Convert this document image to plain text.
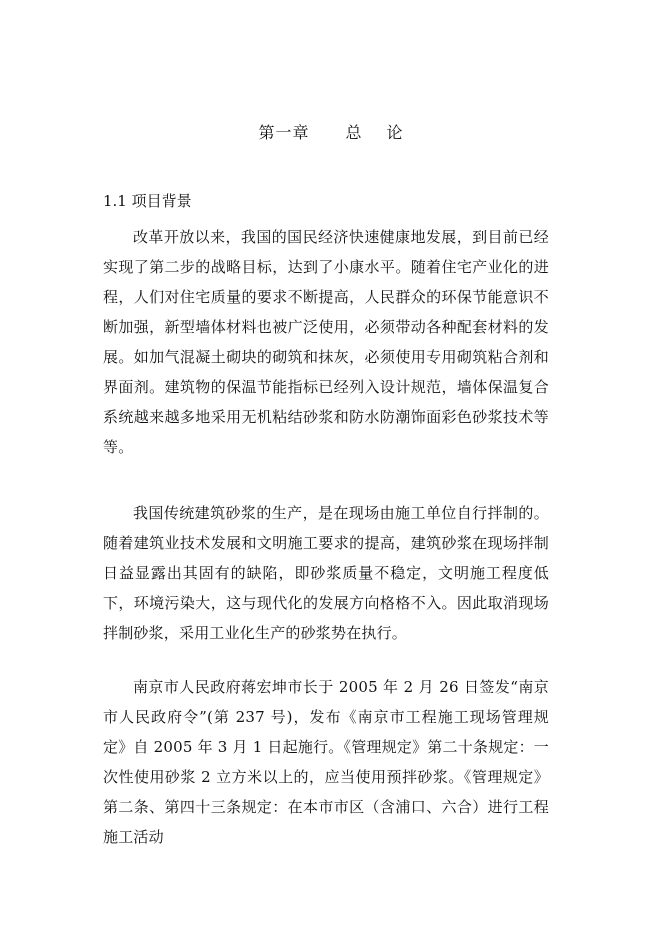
第一章 总 论
1.1 项目背景

改革开放以来，我国的国民经济快速健康地发展，到目前已经实现了第二步的战略目标，达到了小康水平。随着住宅产业化的进程，人们对住宅质量的要求不断提高，人民群众的环保节能意识不断加强，新型墙体材料也被广泛使用，必须带动各种配套材料的发展。如加气混凝土砌块的砌筑和抹灰，必须使用专用砌筑粘合剂和界面剂。建筑物的保温节能指标已经列入设计规范，墙体保温复合系统越来越多地采用无机粘结砂浆和防水防潮饰面彩色砂浆技术等等。

我国传统建筑砂浆的生产，是在现场由施工单位自行拌制的。随着建筑业技术发展和文明施工要求的提高，建筑砂浆在现场拌制日益显露出其固有的缺陷，即砂浆质量不稳定，文明施工程度低下，环境污染大，这与现代化的发展方向格格不入。因此取消现场拌制砂浆，采用工业化生产的砂浆势在执行。

南京市人民政府蒋宏坤市长于 2005 年 2 月 26 日签发“南京市人民政府令”(第 237 号)，发布《南京市工程施工现场管理规定》自 2005 年 3 月 1 日起施行。《管理规定》第二十条规定：一次性使用砂浆 2 立方米以上的，应当使用预拌砂浆。《管理规定》第二条、第四十三条规定：在本市市区（含浦口、六合）进行工程施工活动
